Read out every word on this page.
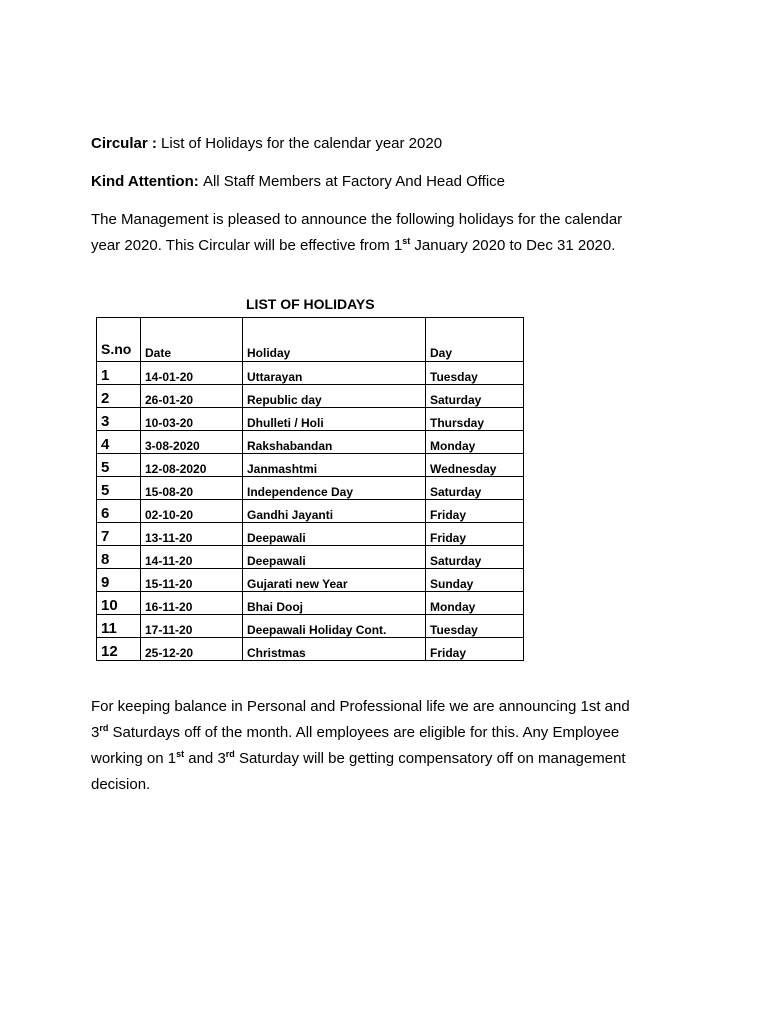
Circular : List of Holidays for the calendar year 2020

Kind Attention: All Staff Members at Factory And Head Office

The Management is pleased to announce the following holidays for the calendar
year 2020. This Circular will be effective from 1st January 2020 to Dec 31 2020.

LIST OF HOLIDAYS

S.no	Date	Holiday	Day
1	14-01-20	Uttarayan	Tuesday
2	26-01-20	Republic day	Saturday
3	10-03-20	Dhulleti / Holi	Thursday
4	3-08-2020	Rakshabandan	Monday
5	12-08-2020	Janmashtmi	Wednesday
5	15-08-20	Independence Day	Saturday
6	02-10-20	Gandhi Jayanti	Friday
7	13-11-20	Deepawali	Friday
8	14-11-20	Deepawali	Saturday
9	15-11-20	Gujarati new Year	Sunday
10	16-11-20	Bhai Dooj	Monday
11	17-11-20	Deepawali Holiday Cont.	Tuesday
12	25-12-20	Christmas	Friday

For keeping balance in Personal and Professional life we are announcing 1st and
3rd Saturdays off of the month. All employees are eligible for this. Any Employee
working on 1st and 3rd Saturday will be getting compensatory off on management
decision.
